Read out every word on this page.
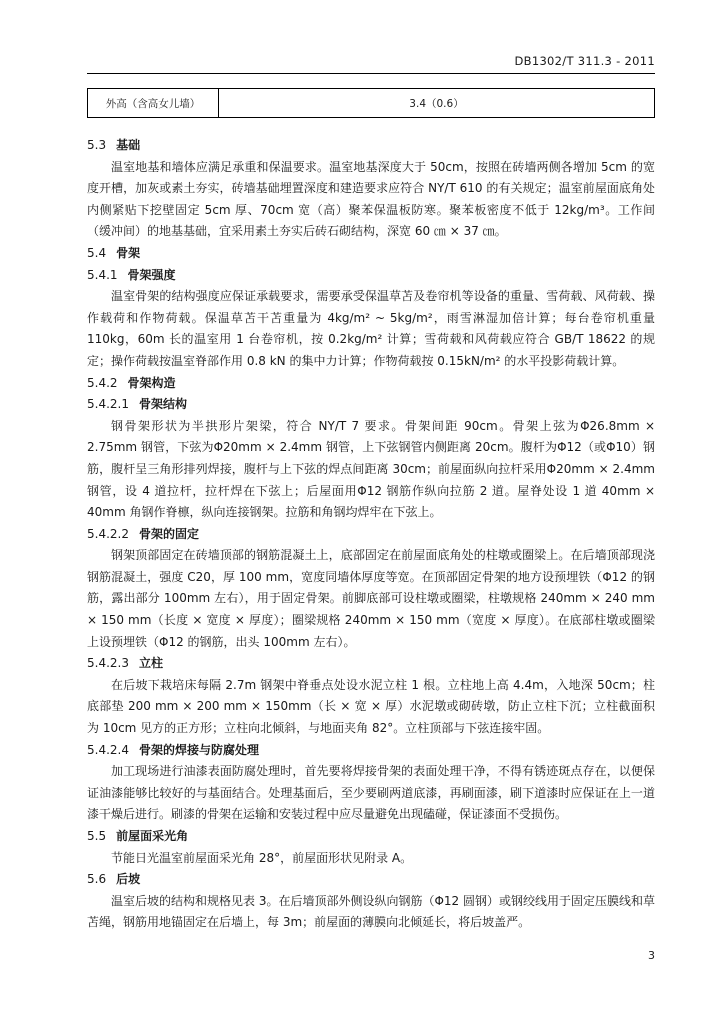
DB1302/T 311.3 - 2011
外高（含高女儿墙）	3.4（0.6）
5.3 基础

温室地基和墙体应满足承重和保温要求。温室地基深度大于 50cm，按照在砖墙两侧各增加 5cm 的宽度开槽，加灰或素土夯实，砖墙基础埋置深度和建造要求应符合 NY/T 610 的有关规定；温室前屋面底角处内侧紧贴下挖壁固定 5cm 厚、70cm 宽（高）聚苯保温板防寒。聚苯板密度不低于 12kg/m³。工作间（缓冲间）的地基基础，宜采用素土夯实后砖石砌结构，深宽 60 ㎝ × 37 ㎝。

5.4 骨架
5.4.1 骨架强度

温室骨架的结构强度应保证承载要求，需要承受保温草苫及卷帘机等设备的重量、雪荷载、风荷载、操作载荷和作物荷载。保温草苫干苫重量为 4kg/m² ~ 5kg/m²，雨雪淋湿加倍计算；每台卷帘机重量 110kg，60m 长的温室用 1 台卷帘机，按 0.2kg/m² 计算；雪荷载和风荷载应符合 GB/T 18622 的规定；操作荷载按温室脊部作用 0.8 kN 的集中力计算；作物荷载按 0.15kN/m² 的水平投影荷载计算。

5.4.2 骨架构造
5.4.2.1 骨架结构

钢骨架形状为半拱形片架梁，符合 NY/T 7 要求。骨架间距 90cm。骨架上弦为Φ26.8mm × 2.75mm 钢管，下弦为Φ20mm × 2.4mm 钢管，上下弦钢管内侧距离 20cm。腹杆为Φ12（或Φ10）钢筋，腹杆呈三角形排列焊接，腹杆与上下弦的焊点间距离 30cm；前屋面纵向拉杆采用Φ20mm × 2.4mm 钢管，设 4 道拉杆，拉杆焊在下弦上；后屋面用Φ12 钢筋作纵向拉筋 2 道。屋脊处设 1 道 40mm × 40mm 角钢作脊檩，纵向连接钢架。拉筋和角钢均焊牢在下弦上。

5.4.2.2 骨架的固定

钢架顶部固定在砖墙顶部的钢筋混凝土上，底部固定在前屋面底角处的柱墩或圈梁上。在后墙顶部现浇钢筋混凝土，强度 C20，厚 100 mm，宽度同墙体厚度等宽。在顶部固定骨架的地方设预埋铁（Φ12 的钢筋，露出部分 100mm 左右），用于固定骨架。前脚底部可设柱墩或圈梁，柱墩规格 240mm × 240 mm × 150 mm（长度 × 宽度 × 厚度）；圈梁规格 240mm × 150 mm（宽度 × 厚度）。在底部柱墩或圈梁上设预埋铁（Φ12 的钢筋，出头 100mm 左右）。

5.4.2.3 立柱

在后坡下栽培床每隔 2.7m 钢架中脊垂点处设水泥立柱 1 根。立柱地上高 4.4m，入地深 50cm；柱底部垫 200 mm × 200 mm × 150mm（长 × 宽 × 厚）水泥墩或砌砖墩，防止立柱下沉；立柱截面积为 10cm 见方的正方形；立柱向北倾斜，与地面夹角 82°。立柱顶部与下弦连接牢固。

5.4.2.4 骨架的焊接与防腐处理

加工现场进行油漆表面防腐处理时，首先要将焊接骨架的表面处理干净，不得有锈迹斑点存在，以便保证油漆能够比较好的与基面结合。处理基面后，至少要刷两道底漆，再刷面漆，刷下道漆时应保证在上一道漆干燥后进行。刷漆的骨架在运输和安装过程中应尽量避免出现磕碰，保证漆面不受损伤。

5.5 前屋面采光角

节能日光温室前屋面采光角 28°，前屋面形状见附录 A。

5.6 后坡

温室后坡的结构和规格见表 3。在后墙顶部外侧设纵向钢筋（Φ12 圆钢）或钢绞线用于固定压膜线和草苫绳，钢筋用地锚固定在后墙上，每 3m；前屋面的薄膜向北倾延长，将后坡盖严。

3
